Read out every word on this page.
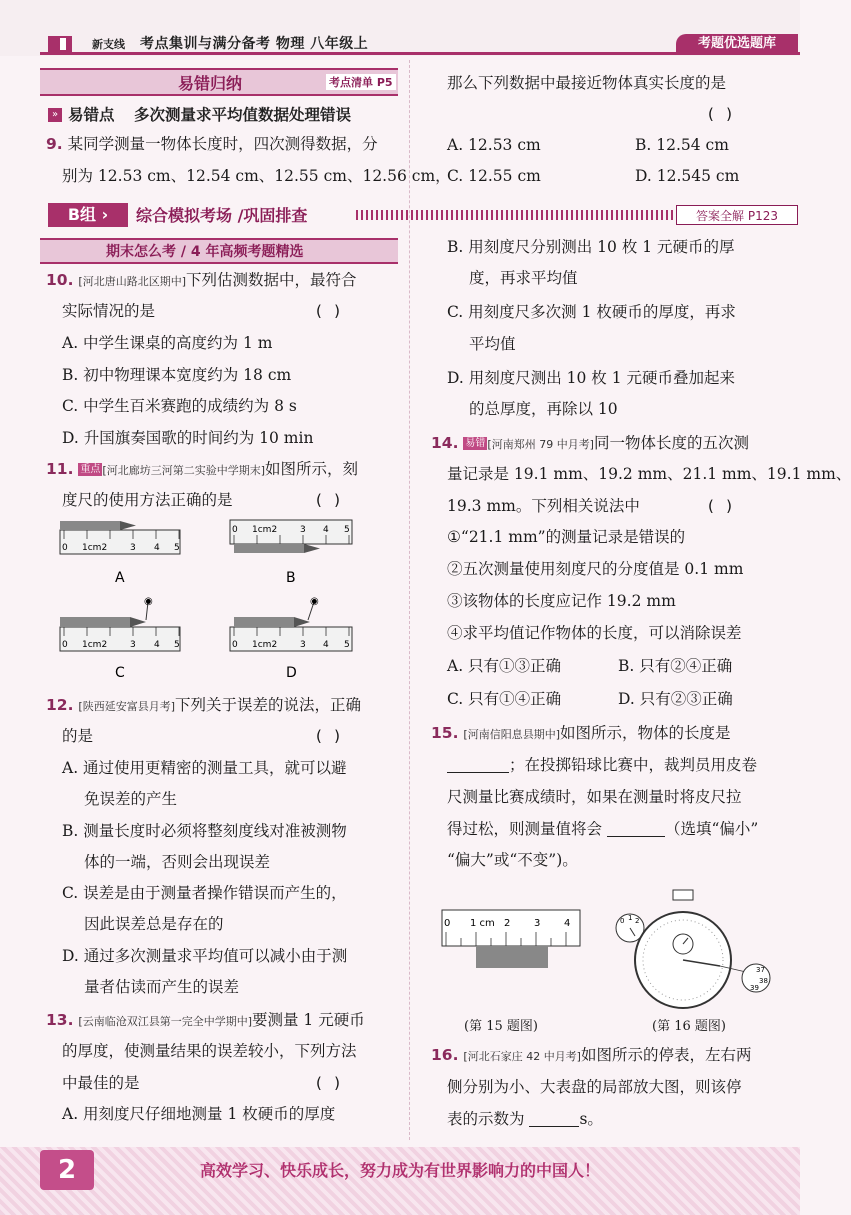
新支线 考点集训与满分备考 物理 八年级上	考题优选题库
易错归纳	考点清单 P5
» 易错点 多次测量求平均值数据处理错误
9. 某同学测量一物体长度时，四次测得数据，分
别为 12.53 cm、12.54 cm、12.55 cm、12.56 cm，
那么下列数据中最接近物体真实长度的是
( )
A. 12.53 cm	B. 12.54 cm
C. 12.55 cm	D. 12.545 cm
B组 ›	综合模拟考场 /巩固排查	答案全解 P123
期末怎么考 / 4 年高频考题精选
10. [河北唐山路北区期中]下列估测数据中，最符合
实际情况的是	( )
A. 中学生课桌的高度约为 1 m
B. 初中物理课本宽度约为 18 cm
C. 中学生百米赛跑的成绩约为 8 s
D. 升国旗奏国歌的时间约为 10 min
11. 重点 [河北廊坊三河第二实验中学期末]如图所示，刻
度尺的使用方法正确的是	( )
0 1cm2	3 4 5
A
0 1cm2	3 4 5
B
0 1cm2	3 4 5
◉
C
0 1cm2	3 4 5
◉
D
12. [陕西延安富县月考]下列关于误差的说法，正确
的是	( )
A. 通过使用更精密的测量工具，就可以避
免误差的产生
B. 测量长度时必须将整刻度线对准被测物
体的一端，否则会出现误差
C. 误差是由于测量者操作错误而产生的，
因此误差总是存在的
D. 通过多次测量求平均值可以减小由于测
量者估读而产生的误差
13. [云南临沧双江县第一完全中学期中]要测量 1 元硬币
的厚度，使测量结果的误差较小，下列方法
中最佳的是	( )
A. 用刻度尺仔细地测量 1 枚硬币的厚度
B. 用刻度尺分别测出 10 枚 1 元硬币的厚
度，再求平均值
C. 用刻度尺多次测 1 枚硬币的厚度，再求
平均值
D. 用刻度尺测出 10 枚 1 元硬币叠加起来
的总厚度，再除以 10
14. 易错 [河南郑州 79 中月考]同一物体长度的五次测
量记录是 19.1 mm、19.2 mm、21.1 mm、19.1 mm、
19.3 mm。下列相关说法中	( )
①“21.1 mm”的测量记录是错误的
②五次测量使用刻度尺的分度值是 0.1 mm
③该物体的长度应记作 19.2 mm
④求平均值记作物体的长度，可以消除误差
A. 只有①③正确	B. 只有②④正确
C. 只有①④正确	D. 只有②③正确
15. [河南信阳息县期中]如图所示，物体的长度是
；在投掷铅球比赛中，裁判员用皮卷
尺测量比赛成绩时，如果在测量时将皮尺拉
得过松，则测量值将会	（选填“偏小”
“偏大”或“不变”)。
0 1 cm 2 3 4	0 1 2
37
38
39
(第 15 题图)	(第 16 题图)
16. [河北石家庄 42 中月考]如图所示的停表，左右两
侧分别为小、大表盘的局部放大图，则该停
表的示数为	s。
2	高效学习、快乐成长，努力成为有世界影响力的中国人！
